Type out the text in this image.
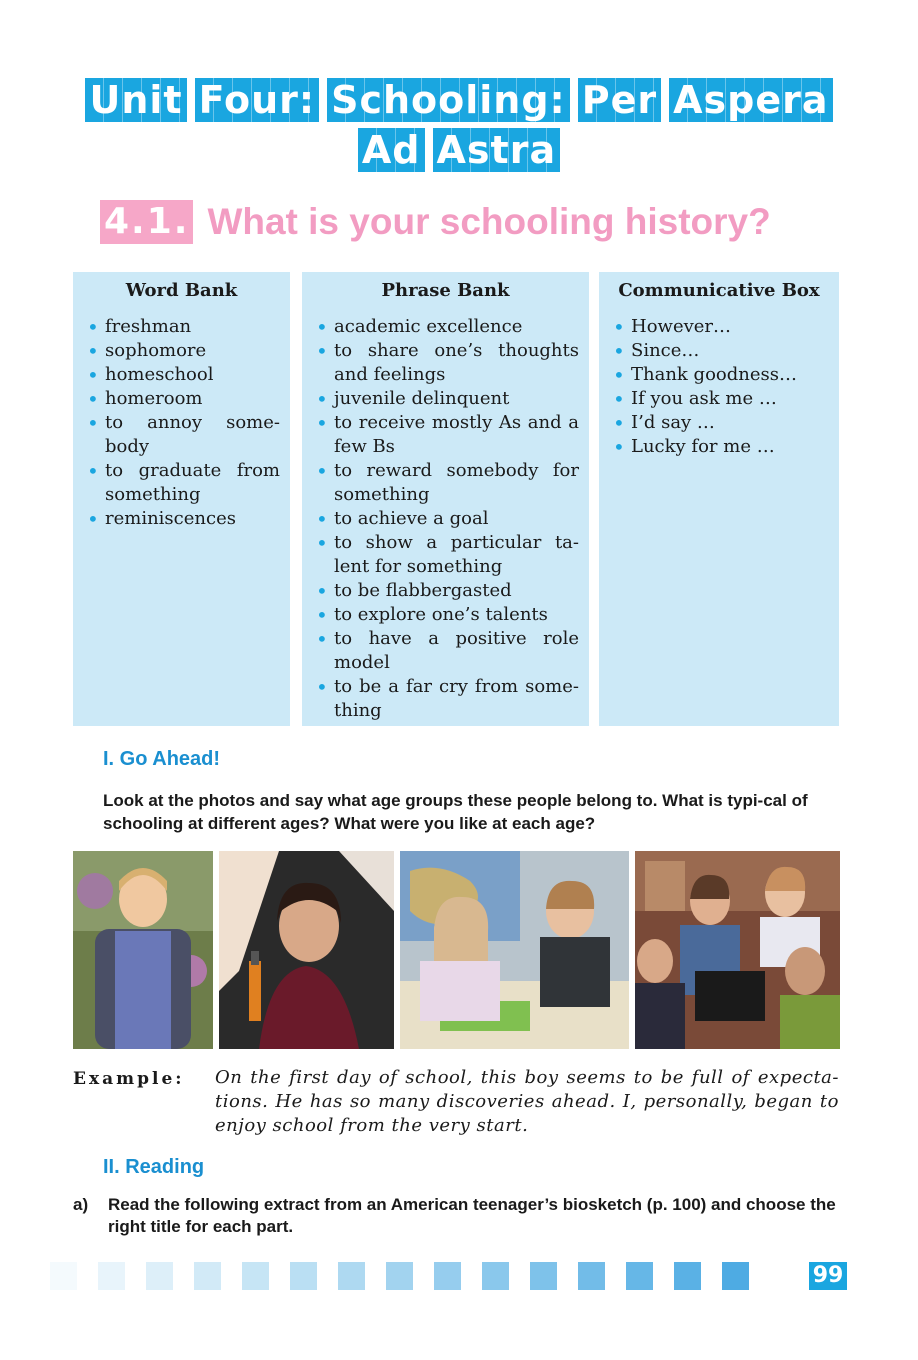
Unit Four: Schooling: Per Aspera
Ad Astra
4.1. What is your schooling history?
Word Bank
• freshman
• sophomore
• homeschool
• homeroom
• to annoy some-body
• to graduate from something
• reminiscences
Phrase Bank
• academic excellence
• to share one’s thoughts and feelings
• juvenile delinquent
• to receive mostly As and a few Bs
• to reward somebody for something
• to achieve a goal
• to show a particular ta-lent for something
• to be flabbergasted
• to explore one’s talents
• to have a positive role model
• to be a far cry from some-thing
Communicative Box
• However…
• Since…
• Thank goodness…
• If you ask me …
• I’d say …
• Lucky for me …
I. Go Ahead!
Look at the photos and say what age groups these people belong to. What is typi-cal of schooling at different ages? What were you like at each age?
Example: On the first day of school, this boy seems to be full of expecta-tions. He has so many discoveries ahead. I, personally, began to enjoy school from the very start.
II. Reading
a)	Read the following extract from an American teenager’s biosketch (p. 100) and choose the right title for each part.
99
